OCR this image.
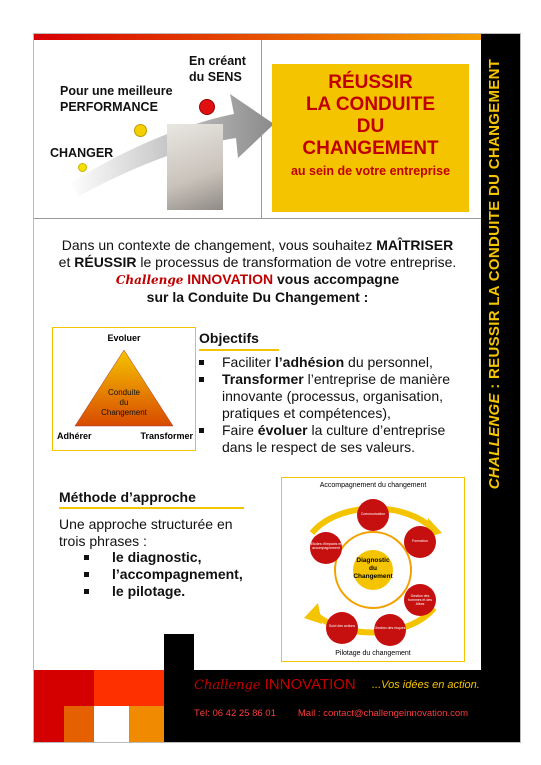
CHANGER
Pour une meilleure
PERFORMANCE
En créant
du SENS	RÉUSSIR
LA CONDUITE
DU
CHANGEMENT
au sein de votre entreprise
CHALLENGE : REUSSIR LA CONDUITE DU CHANGEMENT
Dans un contexte de changement, vous souhaitez MAÎTRISER
et RÉUSSIR le processus de transformation de votre entreprise.
Challenge INNOVATION vous accompagne
sur la Conduite Du Changement :
Evoluer
Adhérer	Transformer
Conduite
du
Changement
Objectifs
Faciliter l’adhésion du personnel,
Transformer l’entreprise de manière innovante (processus, organisation, pratiques et compétences),
Faire évoluer la culture d’entreprise dans le respect de ses valeurs.
Méthode d’approche
Une approche structurée en trois phrases :
le diagnostic,
l’accompagnement,
le pilotage.
Accompagnement du changement
Diagnostic
du
Changement
Communication
Formation
Gestion des hommes et des Aléas
Gestion des risques
Suivi des actions
Etudes d’impacts et accompagnement
Pilotage du changement
Challenge INNOVATION ...Vos idées en action.
Tél: 06 42 25 86 01 Mail : contact@challengeinnovation.com
